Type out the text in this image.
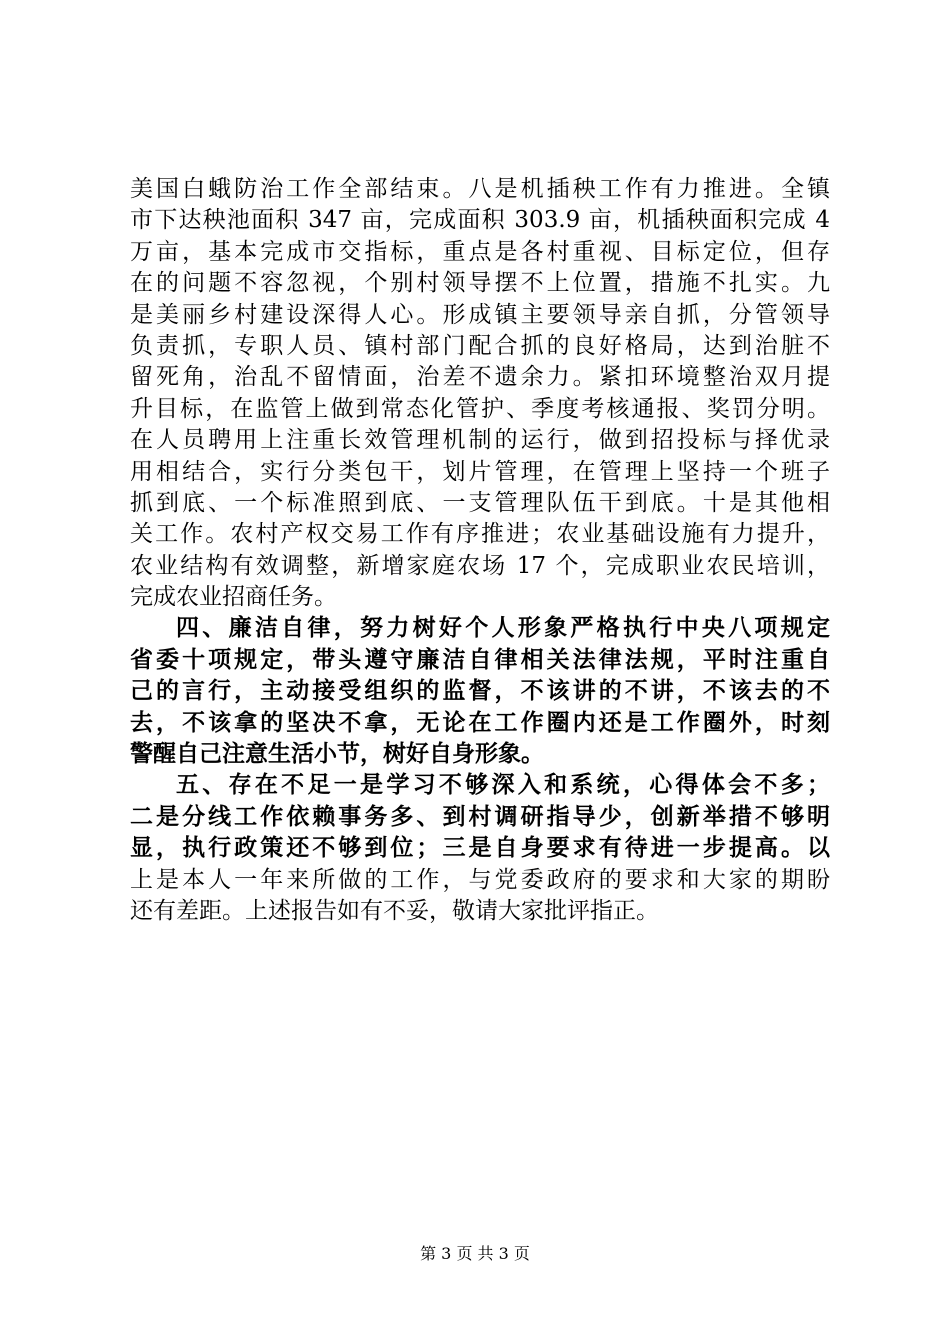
美国白蛾防治工作全部结束。八是机插秧工作有力推进。全镇
市下达秧池面积 347 亩，完成面积 303.9 亩，机插秧面积完成 4
万亩，基本完成市交指标，重点是各村重视、目标定位，但存
在的问题不容忽视，个别村领导摆不上位置，措施不扎实。九
是美丽乡村建设深得人心。形成镇主要领导亲自抓，分管领导
负责抓，专职人员、镇村部门配合抓的良好格局，达到治脏不
留死角，治乱不留情面，治差不遗余力。紧扣环境整治双月提
升目标，在监管上做到常态化管护、季度考核通报、奖罚分明。
在人员聘用上注重长效管理机制的运行，做到招投标与择优录
用相结合，实行分类包干，划片管理，在管理上坚持一个班子
抓到底、一个标准照到底、一支管理队伍干到底。十是其他相
关工作。农村产权交易工作有序推进；农业基础设施有力提升，
农业结构有效调整，新增家庭农场 17 个，完成职业农民培训，
完成农业招商任务。
四、廉洁自律，努力树好个人形象严格执行中央八项规定
省委十项规定，带头遵守廉洁自律相关法律法规，平时注重自
己的言行，主动接受组织的监督，不该讲的不讲，不该去的不
去，不该拿的坚决不拿，无论在工作圈内还是工作圈外，时刻
警醒自己注意生活小节，树好自身形象。
五、存在不足一是学习不够深入和系统，心得体会不多；
二是分线工作依赖事务多、到村调研指导少，创新举措不够明
显，执行政策还不够到位；三是自身要求有待进一步提高。以
上是本人一年来所做的工作，与党委政府的要求和大家的期盼
还有差距。上述报告如有不妥，敬请大家批评指正。
第 3 页 共 3 页
